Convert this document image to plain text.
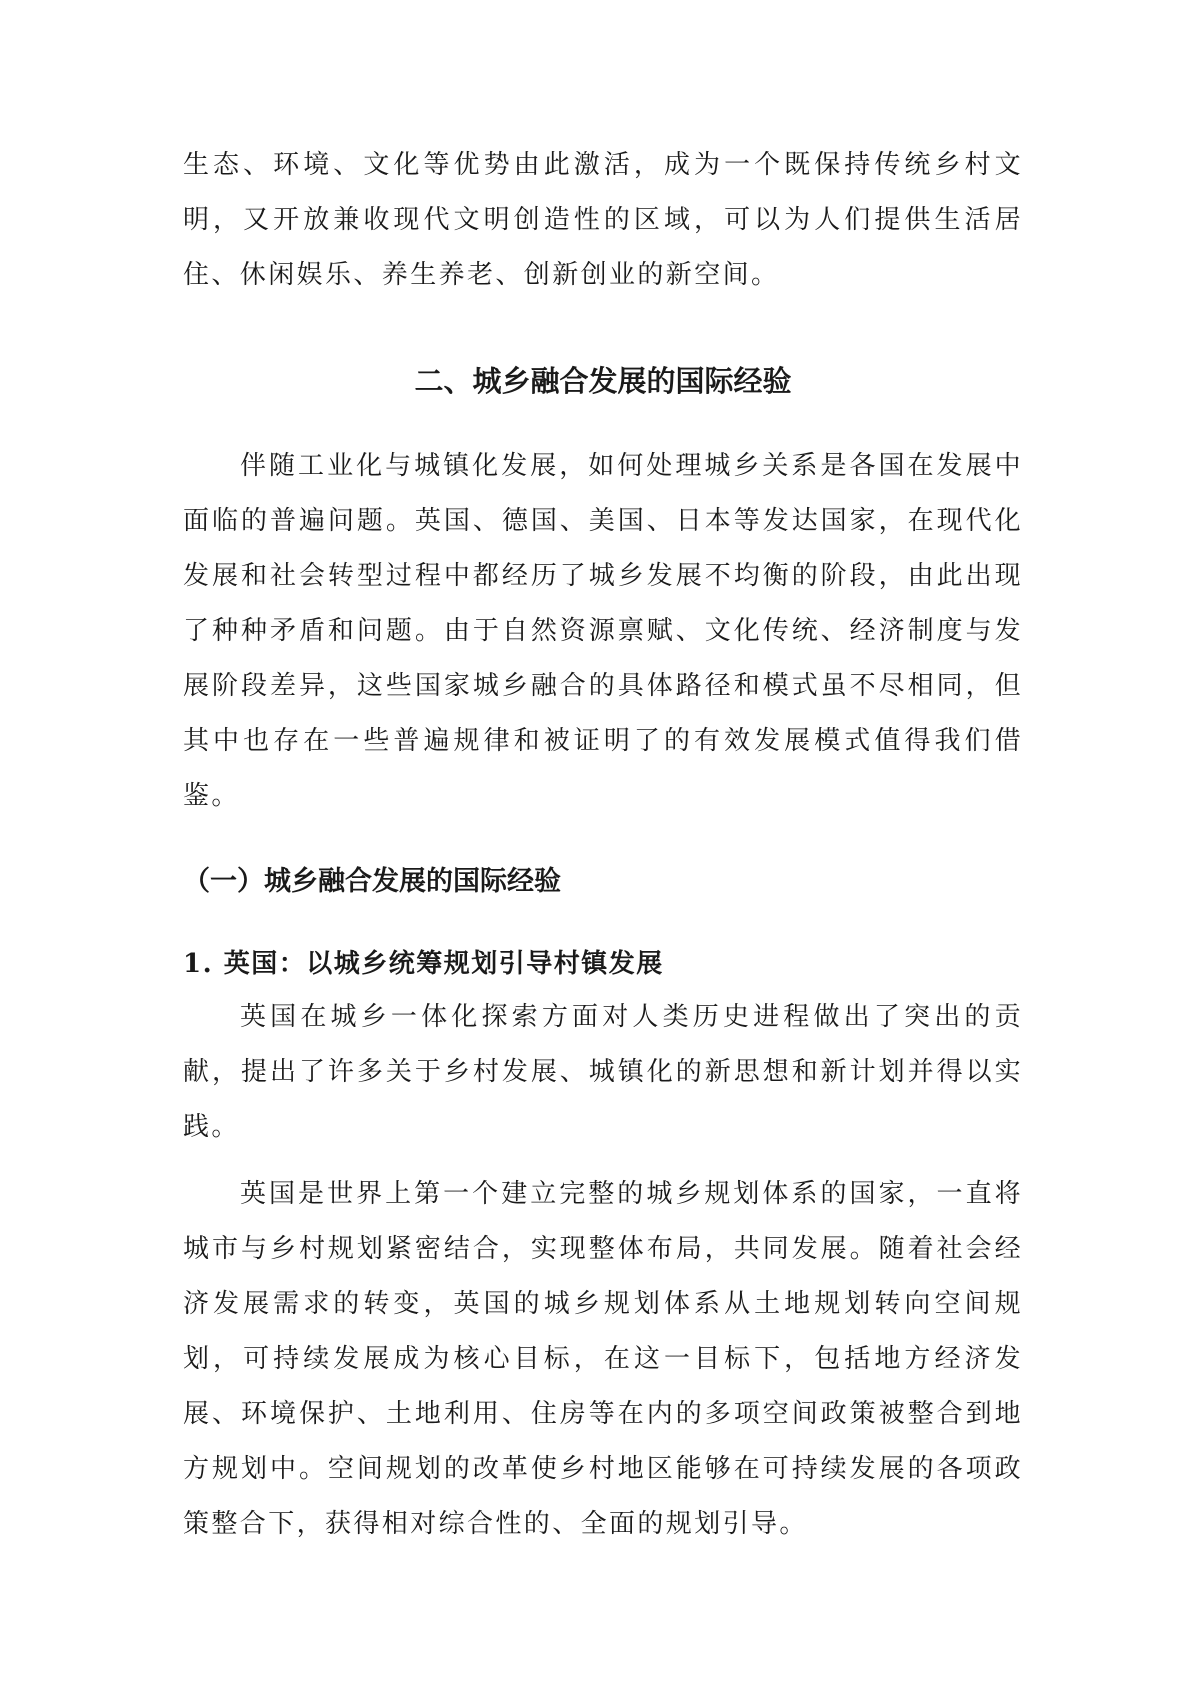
生态、环境、文化等优势由此激活，成为一个既保持传统乡村文明，又开放兼收现代文明创造性的区域，可以为人们提供生活居住、休闲娱乐、养生养老、创新创业的新空间。

二、城乡融合发展的国际经验

伴随工业化与城镇化发展，如何处理城乡关系是各国在发展中面临的普遍问题。英国、德国、美国、日本等发达国家，在现代化发展和社会转型过程中都经历了城乡发展不均衡的阶段，由此出现了种种矛盾和问题。由于自然资源禀赋、文化传统、经济制度与发展阶段差异，这些国家城乡融合的具体路径和模式虽不尽相同，但其中也存在一些普遍规律和被证明了的有效发展模式值得我们借鉴。

（一）城乡融合发展的国际经验
1. 英国：以城乡统筹规划引导村镇发展

英国在城乡一体化探索方面对人类历史进程做出了突出的贡献，提出了许多关于乡村发展、城镇化的新思想和新计划并得以实践。

英国是世界上第一个建立完整的城乡规划体系的国家，一直将城市与乡村规划紧密结合，实现整体布局，共同发展。随着社会经济发展需求的转变，英国的城乡规划体系从土地规划转向空间规划，可持续发展成为核心目标，在这一目标下，包括地方经济发展、环境保护、土地利用、住房等在内的多项空间政策被整合到地方规划中。空间规划的改革使乡村地区能够在可持续发展的各项政策整合下，获得相对综合性的、全面的规划引导。
